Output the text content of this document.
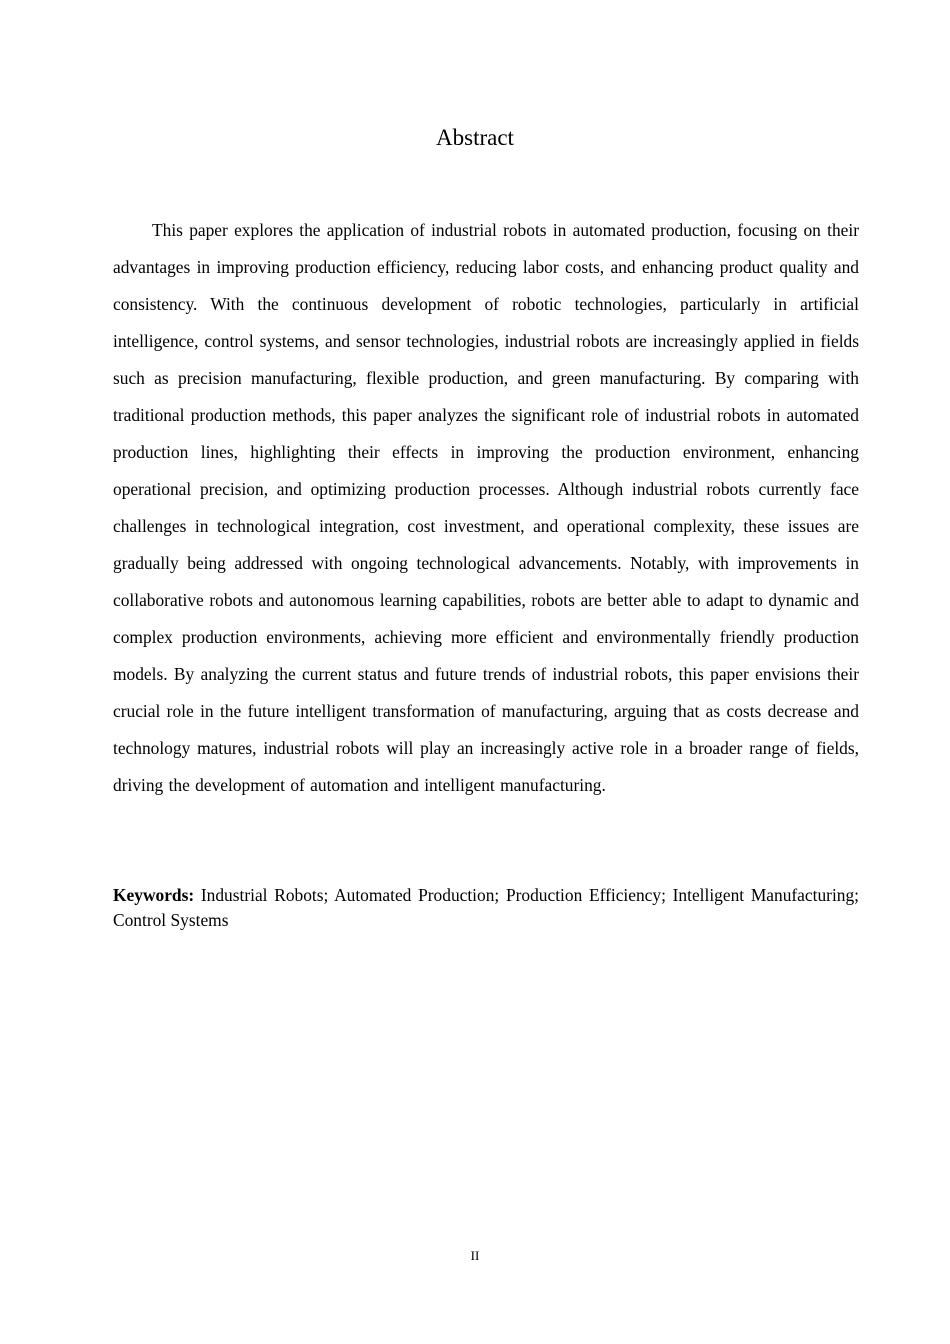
Abstract

This paper explores the application of industrial robots in automated production, focusing on their advantages in improving production efficiency, reducing labor costs, and enhancing product quality and consistency. With the continuous development of robotic technologies, particularly in artificial intelligence, control systems, and sensor technologies, industrial robots are increasingly applied in fields such as precision manufacturing, flexible production, and green manufacturing. By comparing with traditional production methods, this paper analyzes the significant role of industrial robots in automated production lines, highlighting their effects in improving the production environment, enhancing operational precision, and optimizing production processes. Although industrial robots currently face challenges in technological integration, cost investment, and operational complexity, these issues are gradually being addressed with ongoing technological advancements. Notably, with improvements in collaborative robots and autonomous learning capabilities, robots are better able to adapt to dynamic and complex production environments, achieving more efficient and environmentally friendly production models. By analyzing the current status and future trends of industrial robots, this paper envisions their crucial role in the future intelligent transformation of manufacturing, arguing that as costs decrease and technology matures, industrial robots will play an increasingly active role in a broader range of fields, driving the development of automation and intelligent manufacturing.

Keywords: Industrial Robots; Automated Production; Production Efficiency; Intelligent Manufacturing; Control Systems

II
